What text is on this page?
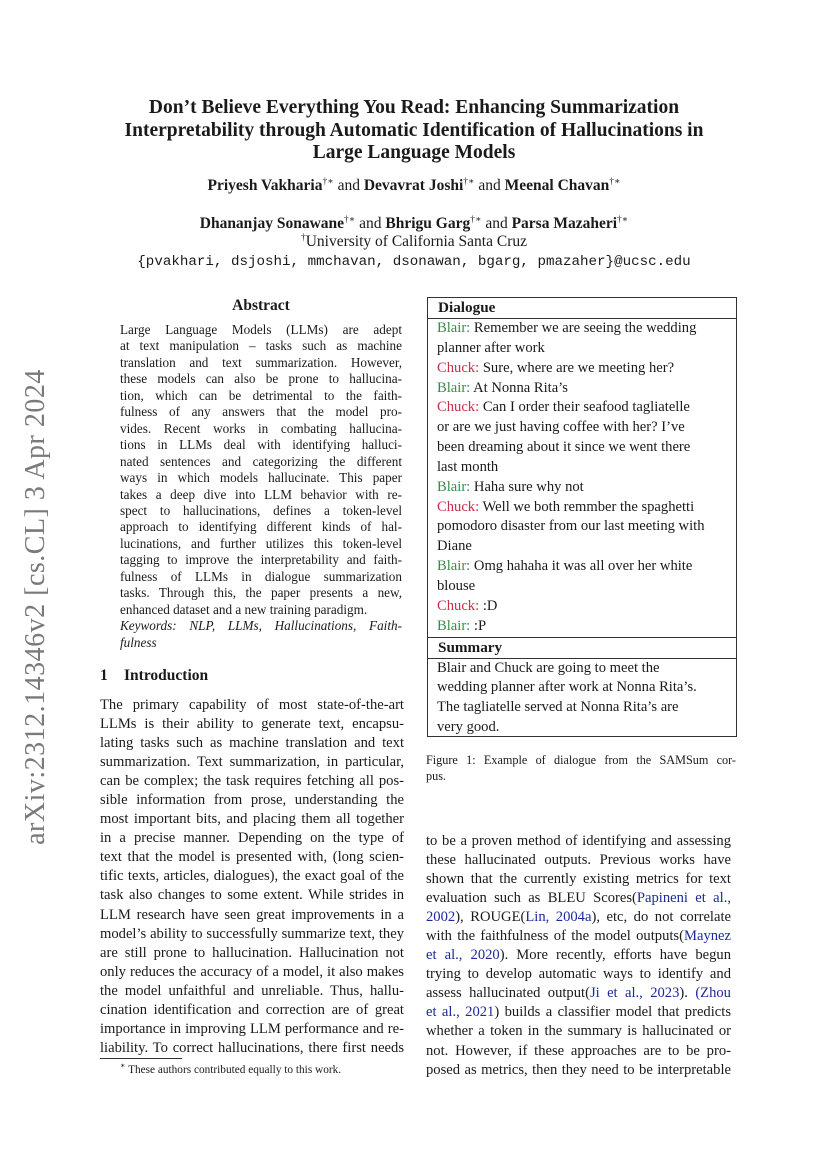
arXiv:2312.14346v2 [cs.CL] 3 Apr 2024
Don’t Believe Everything You Read: Enhancing Summarization
Interpretability through Automatic Identification of Hallucinations in
Large Language Models
Priyesh Vakharia†∗ and Devavrat Joshi†∗ and Meenal Chavan†∗
Dhananjay Sonawane†∗ and Bhrigu Garg†∗ and Parsa Mazaheri†∗
†University of California Santa Cruz
{pvakhari, dsjoshi, mmchavan, dsonawan, bgarg, pmazaher}@ucsc.edu
Abstract
Large Language Models (LLMs) are adept
at text manipulation – tasks such as machine
translation and text summarization. However,
these models can also be prone to hallucina-
tion, which can be detrimental to the faith-
fulness of any answers that the model pro-
vides. Recent works in combating hallucina-
tions in LLMs deal with identifying halluci-
nated sentences and categorizing the different
ways in which models hallucinate. This paper
takes a deep dive into LLM behavior with re-
spect to hallucinations, defines a token-level
approach to identifying different kinds of hal-
lucinations, and further utilizes this token-level
tagging to improve the interpretability and faith-
fulness of LLMs in dialogue summarization
tasks. Through this, the paper presents a new,
enhanced dataset and a new training paradigm.
Keywords: NLP, LLMs, Hallucinations, Faith-
fulness
1 Introduction
The primary capability of most state-of-the-art
LLMs is their ability to generate text, encapsu-
lating tasks such as machine translation and text
summarization. Text summarization, in particular,
can be complex; the task requires fetching all pos-
sible information from prose, understanding the
most important bits, and placing them all together
in a precise manner. Depending on the type of
text that the model is presented with, (long scien-
tific texts, articles, dialogues), the exact goal of the
task also changes to some extent. While strides in
LLM research have seen great improvements in a
model’s ability to successfully summarize text, they
are still prone to hallucination. Hallucination not
only reduces the accuracy of a model, it also makes
the model unfaithful and unreliable. Thus, hallu-
cination identification and correction are of great
importance in improving LLM performance and re-
liability. To correct hallucinations, there first needs
∗ These authors contributed equally to this work.
Dialogue
Blair: Remember we are seeing the wedding
planner after work
Chuck: Sure, where are we meeting her?
Blair: At Nonna Rita’s
Chuck: Can I order their seafood tagliatelle
or are we just having coffee with her? I’ve
been dreaming about it since we went there
last month
Blair: Haha sure why not
Chuck: Well we both remmber the spaghetti
pomodoro disaster from our last meeting with
Diane
Blair: Omg hahaha it was all over her white
blouse
Chuck: :D
Blair: :P
Summary
Blair and Chuck are going to meet the
wedding planner after work at Nonna Rita’s.
The tagliatelle served at Nonna Rita’s are
very good.
Figure 1: Example of dialogue from the SAMSum cor-
pus.
to be a proven method of identifying and assessing
these hallucinated outputs. Previous works have
shown that the currently existing metrics for text
evaluation such as BLEU Scores(Papineni et al.,
2002), ROUGE(Lin, 2004a), etc, do not correlate
with the faithfulness of the model outputs(Maynez
et al., 2020). More recently, efforts have begun
trying to develop automatic ways to identify and
assess hallucinated output(Ji et al., 2023). (Zhou
et al., 2021) builds a classifier model that predicts
whether a token in the summary is hallucinated or
not. However, if these approaches are to be pro-
posed as metrics, then they need to be interpretable
